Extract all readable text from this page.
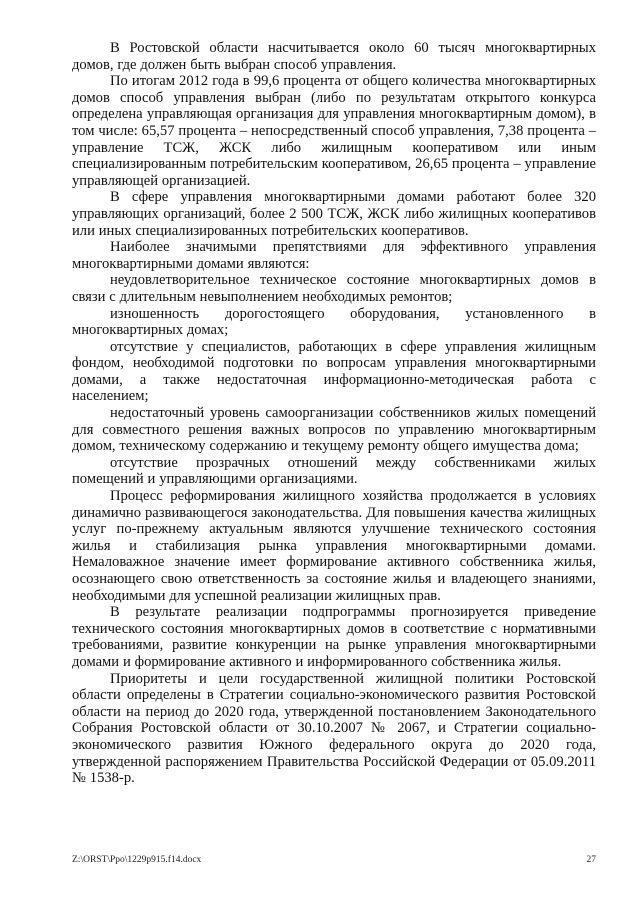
В Ростовской области насчитывается около 60 тысяч многоквартирных домов, где должен быть выбран способ управления.

По итогам 2012 года в 99,6 процента от общего количества многоквартирных домов способ управления выбран (либо по результатам открытого конкурса определена управляющая организация для управления многоквартирным домом), в том числе: 65,57 процента – непосредственный способ управления, 7,38 процента – управление ТСЖ, ЖСК либо жилищным кооперативом или иным специализированным потребительским кооперативом, 26,65 процента – управление управляющей организацией.

В сфере управления многоквартирными домами работают более 320 управляющих организаций, более 2 500 ТСЖ, ЖСК либо жилищных кооперативов или иных специализированных потребительских кооперативов.

Наиболее значимыми препятствиями для эффективного управления многоквартирными домами являются:

неудовлетворительное техническое состояние многоквартирных домов в связи с длительным невыполнением необходимых ремонтов;

изношенность дорогостоящего оборудования, установленного в многоквартирных домах;

отсутствие у специалистов, работающих в сфере управления жилищным фондом, необходимой подготовки по вопросам управления многоквартирными домами, а также недостаточная информационно-методическая работа с населением;

недостаточный уровень самоорганизации собственников жилых помещений для совместного решения важных вопросов по управлению многоквартирным домом, техническому содержанию и текущему ремонту общего имущества дома;

отсутствие прозрачных отношений между собственниками жилых помещений и управляющими организациями.

Процесс реформирования жилищного хозяйства продолжается в условиях динамично развивающегося законодательства. Для повышения качества жилищных услуг по-прежнему актуальным являются улучшение технического состояния жилья и стабилизация рынка управления многоквартирными домами. Немаловажное значение имеет формирование активного собственника жилья, осознающего свою ответственность за состояние жилья и владеющего знаниями, необходимыми для успешной реализации жилищных прав.

В результате реализации подпрограммы прогнозируется приведение технического состояния многоквартирных домов в соответствие с нормативными требованиями, развитие конкуренции на рынке управления многоквартирными домами и формирование активного и информированного собственника жилья.

Приоритеты и цели государственной жилищной политики Ростовской области определены в Стратегии социально-экономического развития Ростовской области на период до 2020 года, утвержденной постановлением Законодательного Собрания Ростовской области от 30.10.2007 № 2067, и Стратегии социально-экономического развития Южного федерального округа до 2020 года, утвержденной распоряжением Правительства Российской Федерации от 05.09.2011 № 1538-р.

Z:\ORST\Ppo\1229p915.f14.docx	27
